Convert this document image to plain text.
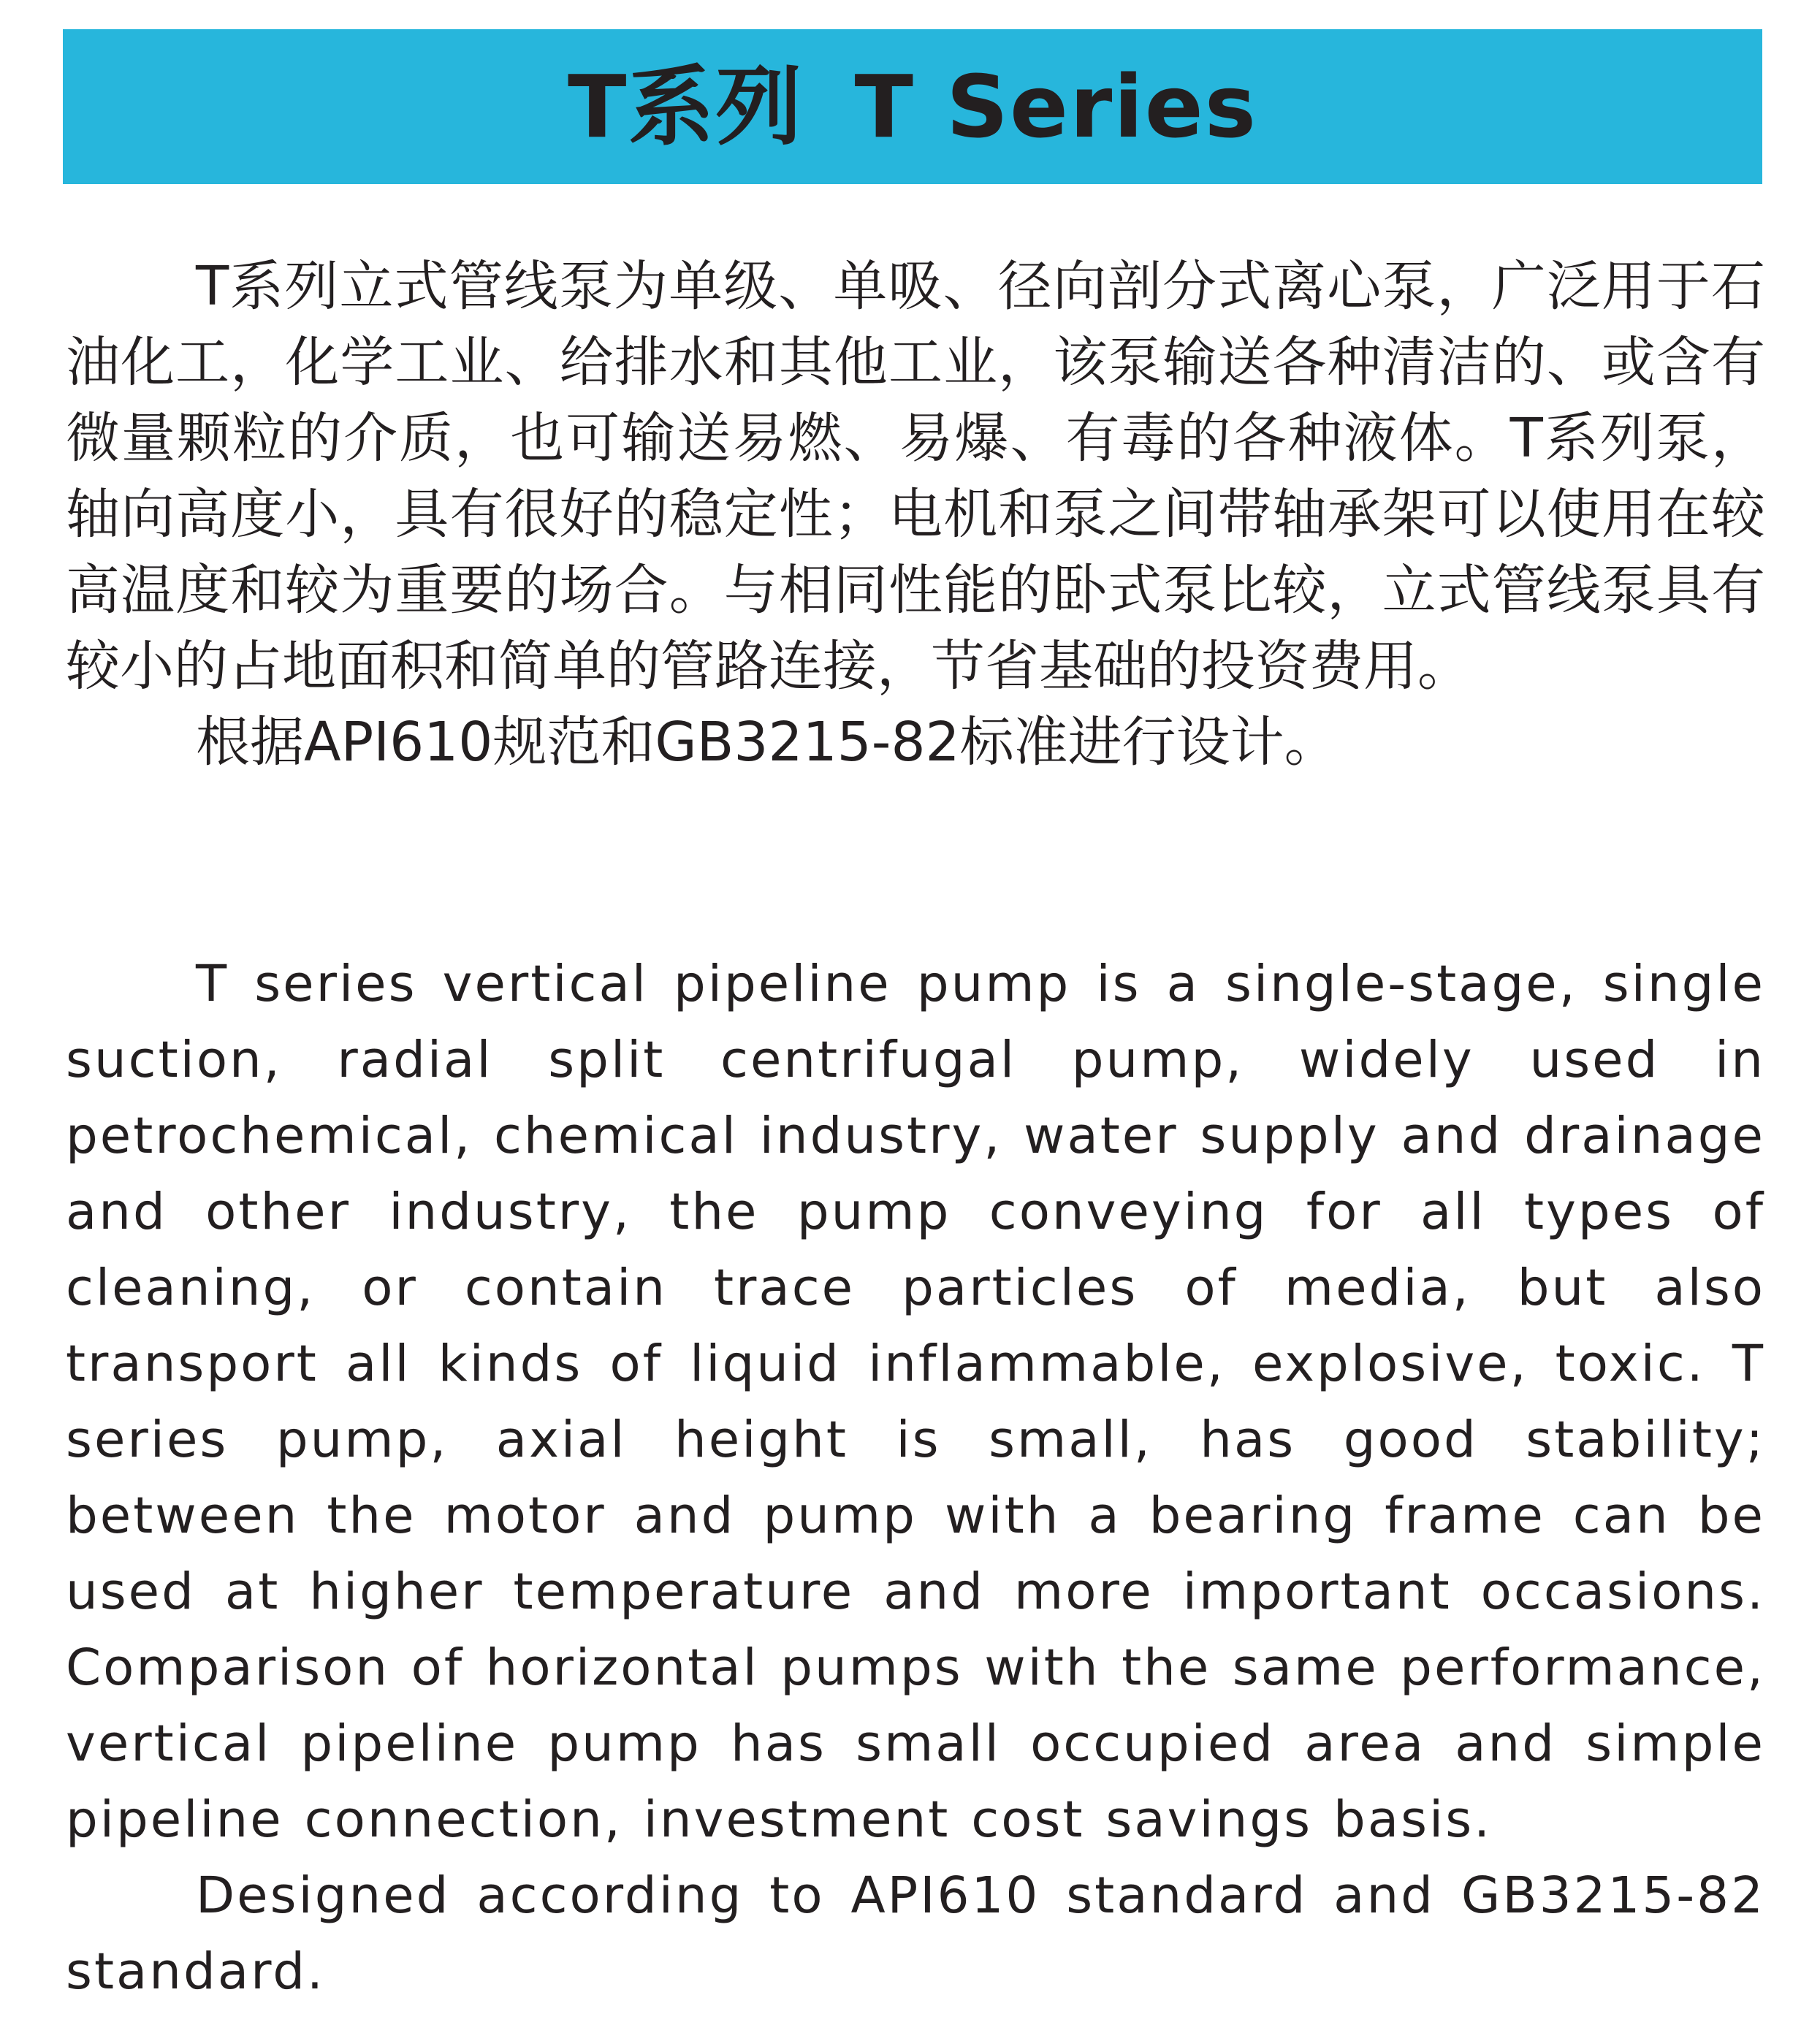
T系列 T Series

T系列立式管线泵为单级、单吸、径向剖分式离心泵，广泛用于石油化工，化学工业、给排水和其他工业，该泵输送各种清洁的、或含有微量颗粒的介质，也可输送易燃、易爆、有毒的各种液体。T系列泵，轴向高度小，具有很好的稳定性；电机和泵之间带轴承架可以使用在较高温度和较为重要的场合。与相同性能的卧式泵比较，立式管线泵具有较小的占地面积和简单的管路连接，节省基础的投资费用。

根据API610规范和GB3215-82标准进行设计。

T series vertical pipeline pump is a single-stage, single suction, radial split centrifugal pump, widely used in petrochemical, chemical industry, water supply and drainage and other industry, the pump conveying for all types of cleaning, or contain trace particles of media, but also transport all kinds of liquid inflammable, explosive, toxic. T series pump, axial height is small, has good stability; between the motor and pump with a bearing frame can be used at higher temperature and more important occasions. Comparison of horizontal pumps with the same performance, vertical pipeline pump has small occupied area and simple pipeline connection, investment cost savings basis.

Designed according to API610 standard and GB3215-82 standard.
